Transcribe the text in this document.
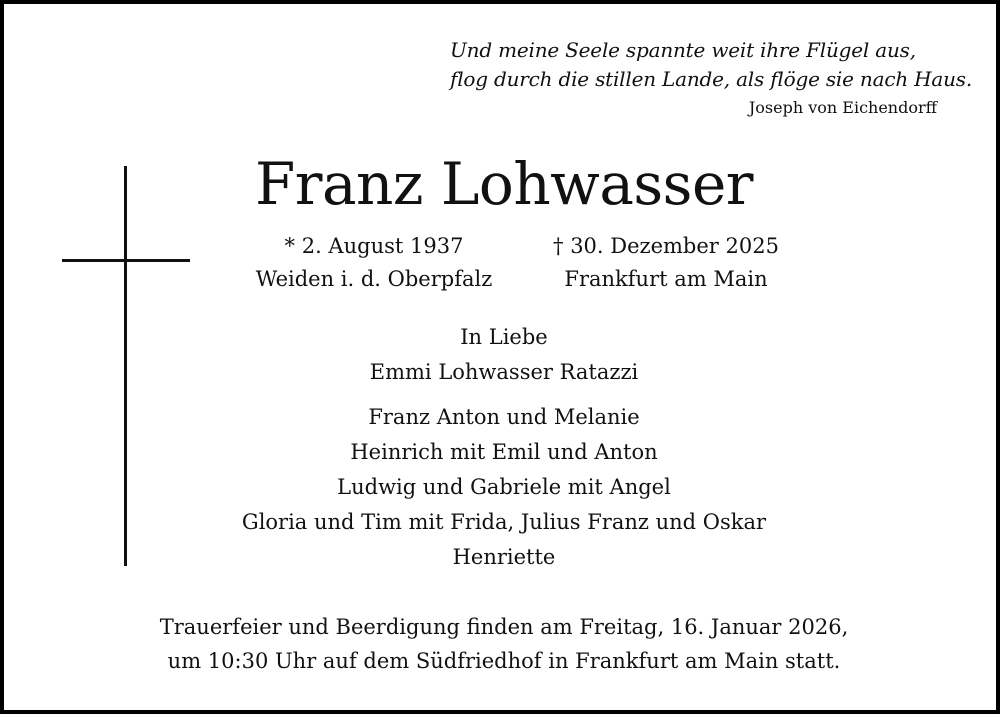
Und meine Seele spannte weit ihre Flügel aus,
flog durch die stillen Lande, als flöge sie nach Haus.
Joseph von Eichendorff
Franz Lohwasser
* 2. August 1937
Weiden i. d. Oberpfalz
† 30. Dezember 2025
Frankfurt am Main
In Liebe
Emmi Lohwasser Ratazzi
Franz Anton und Melanie
Heinrich mit Emil und Anton
Ludwig und Gabriele mit Angel
Gloria und Tim mit Frida, Julius Franz und Oskar
Henriette
Trauerfeier und Beerdigung finden am Freitag, 16. Januar 2026,
um 10:30 Uhr auf dem Südfriedhof in Frankfurt am Main statt.
